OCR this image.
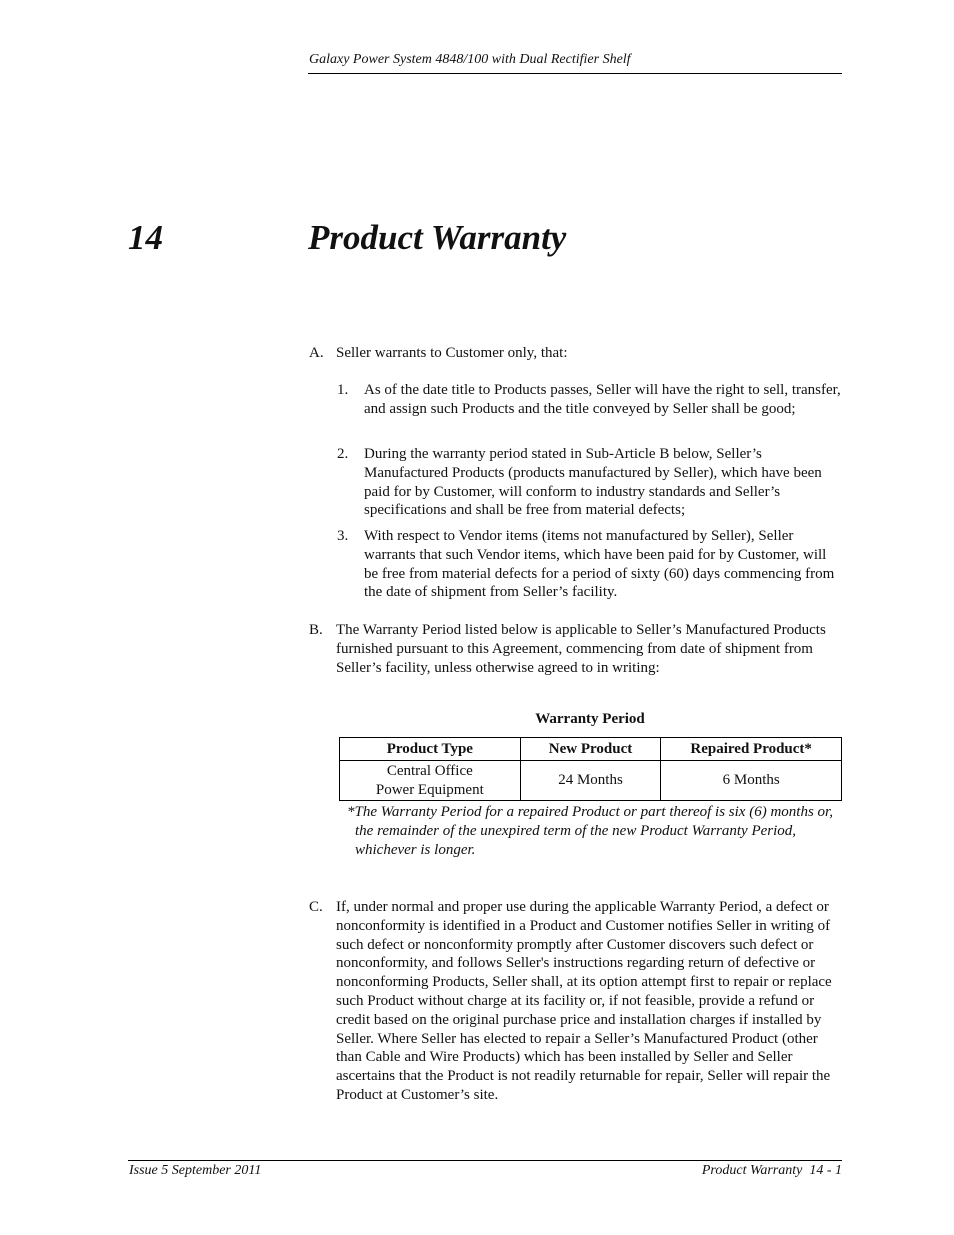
Galaxy Power System 4848/100 with Dual Rectifier Shelf
14	Product Warranty
A. Seller warrants to Customer only, that:
1. As of the date title to Products passes, Seller will have the right to sell, transfer, and assign such Products and the title conveyed by Seller shall be good;
2. During the warranty period stated in Sub-Article B below, Seller’s Manufactured Products (products manufactured by Seller), which have been paid for by Customer, will conform to industry standards and Seller’s specifications and shall be free from material defects;
3. With respect to Vendor items (items not manufactured by Seller), Seller warrants that such Vendor items, which have been paid for by Customer, will be free from material defects for a period of sixty (60) days commencing from the date of shipment from Seller’s facility.
B. The Warranty Period listed below is applicable to Seller’s Manufactured Products furnished pursuant to this Agreement, commencing from date of shipment from Seller’s facility, unless otherwise agreed to in writing:
Warranty Period
Product Type	New Product	Repaired Product*

Central Office
Power Equipment	24 Months	6 Months
*The Warranty Period for a repaired Product or part thereof is six (6) months or, the remainder of the unexpired term of the new Product Warranty Period, whichever is longer.
C. If, under normal and proper use during the applicable Warranty Period, a defect or nonconformity is identified in a Product and Customer notifies Seller in writing of such defect or nonconformity promptly after Customer discovers such defect or nonconformity, and follows Seller's instructions regarding return of defective or nonconforming Products, Seller shall, at its option attempt first to repair or replace such Product without charge at its facility or, if not feasible, provide a refund or credit based on the original purchase price and installation charges if installed by Seller. Where Seller has elected to repair a Seller’s Manufactured Product (other than Cable and Wire Products) which has been installed by Seller and Seller ascertains that the Product is not readily returnable for repair, Seller will repair the Product at Customer’s site.
Issue 5 September 2011	Product Warranty  14 - 1
